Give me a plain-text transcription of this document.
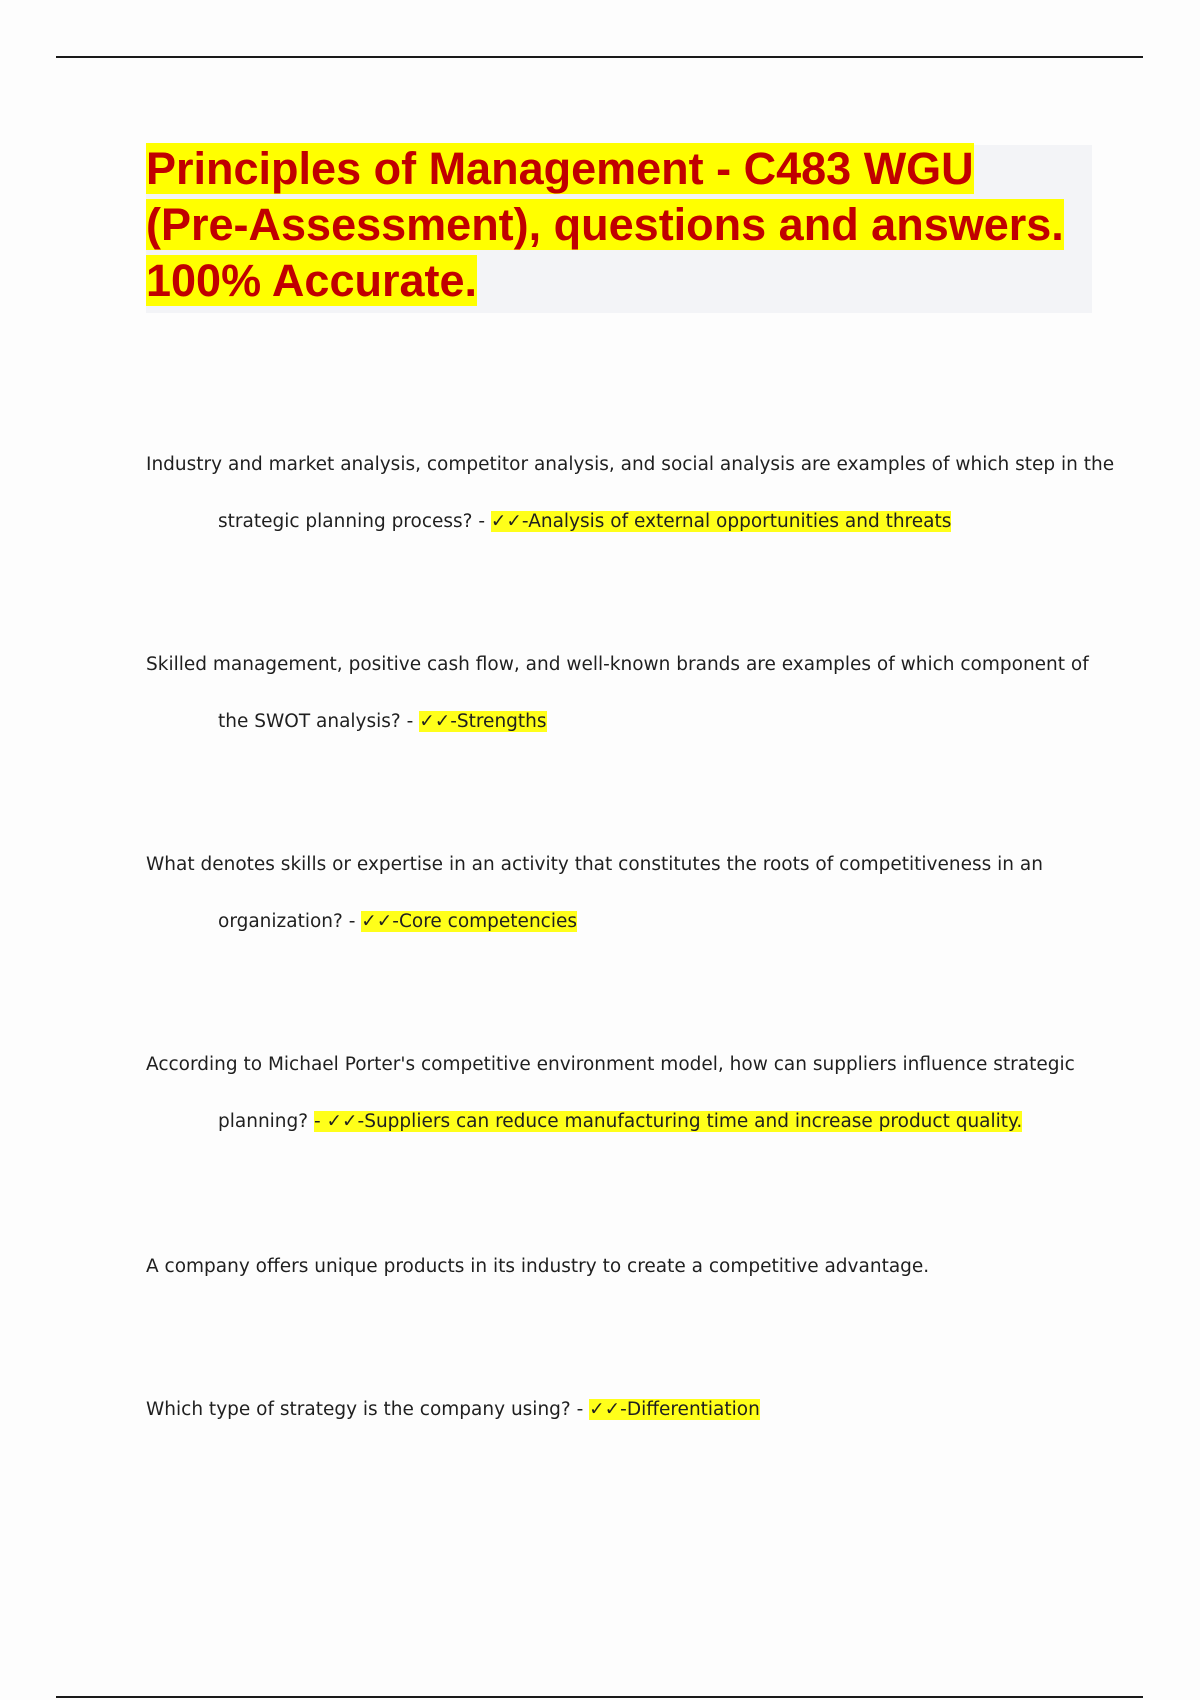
Principles of Management - C483 WGU (Pre-Assessment), questions and answers. 100% Accurate.
Industry and market analysis, competitor analysis, and social analysis are examples of which step in the
strategic planning process? - ✓✓-Analysis of external opportunities and threats
Skilled management, positive cash flow, and well-known brands are examples of which component of
the SWOT analysis? - ✓✓-Strengths
What denotes skills or expertise in an activity that constitutes the roots of competitiveness in an
organization? - ✓✓-Core competencies
According to Michael Porter's competitive environment model, how can suppliers influence strategic
planning? - ✓✓-Suppliers can reduce manufacturing time and increase product quality.
A company offers unique products in its industry to create a competitive advantage.
Which type of strategy is the company using? - ✓✓-Differentiation
